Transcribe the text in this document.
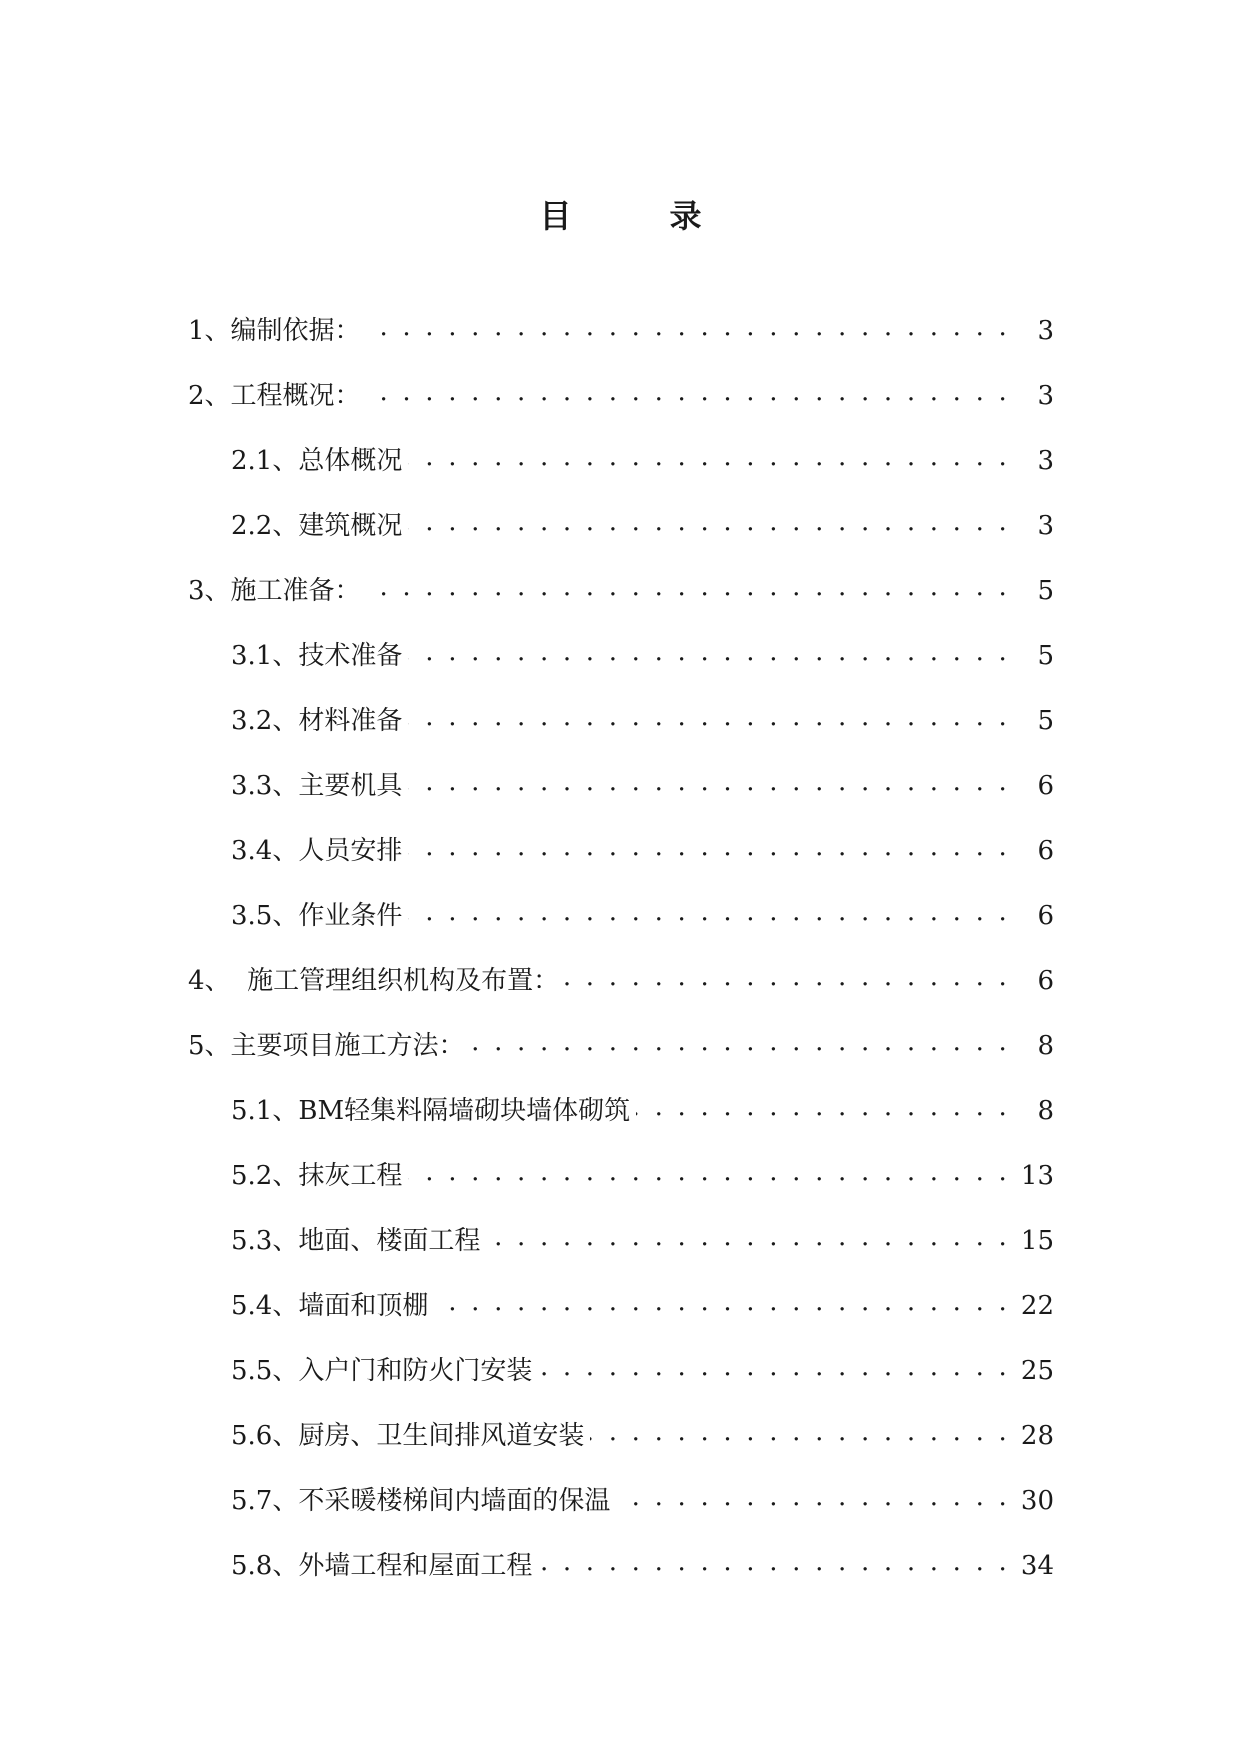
目	录
1、编制依据： . . .	3
2、工程概况： . . .	3
2.1、总体概况 . . .	3
2.2、建筑概况 . . .	3
3、施工准备： . . .	5
3.1、技术准备 . . .	5
3.2、材料准备 . . .	5
3.3、主要机具 . . .	6
3.4、人员安排 . . .	6
3.5、作业条件 . . .	6
4、  施工管理组织机构及布置： . . .	6
5、主要项目施工方法： . . .	8
5.1、BM轻集料隔墙砌块墙体砌筑 . . .	8
5.2、抹灰工程 . . .	13
5.3、地面、楼面工程 . . .	15
5.4、墙面和顶棚 . . .	22
5.5、入户门和防火门安装 . . .	25
5.6、厨房、卫生间排风道安装 . . .	28
5.7、不采暖楼梯间内墙面的保温 . . .	30
5.8、外墙工程和屋面工程 . . .	34
